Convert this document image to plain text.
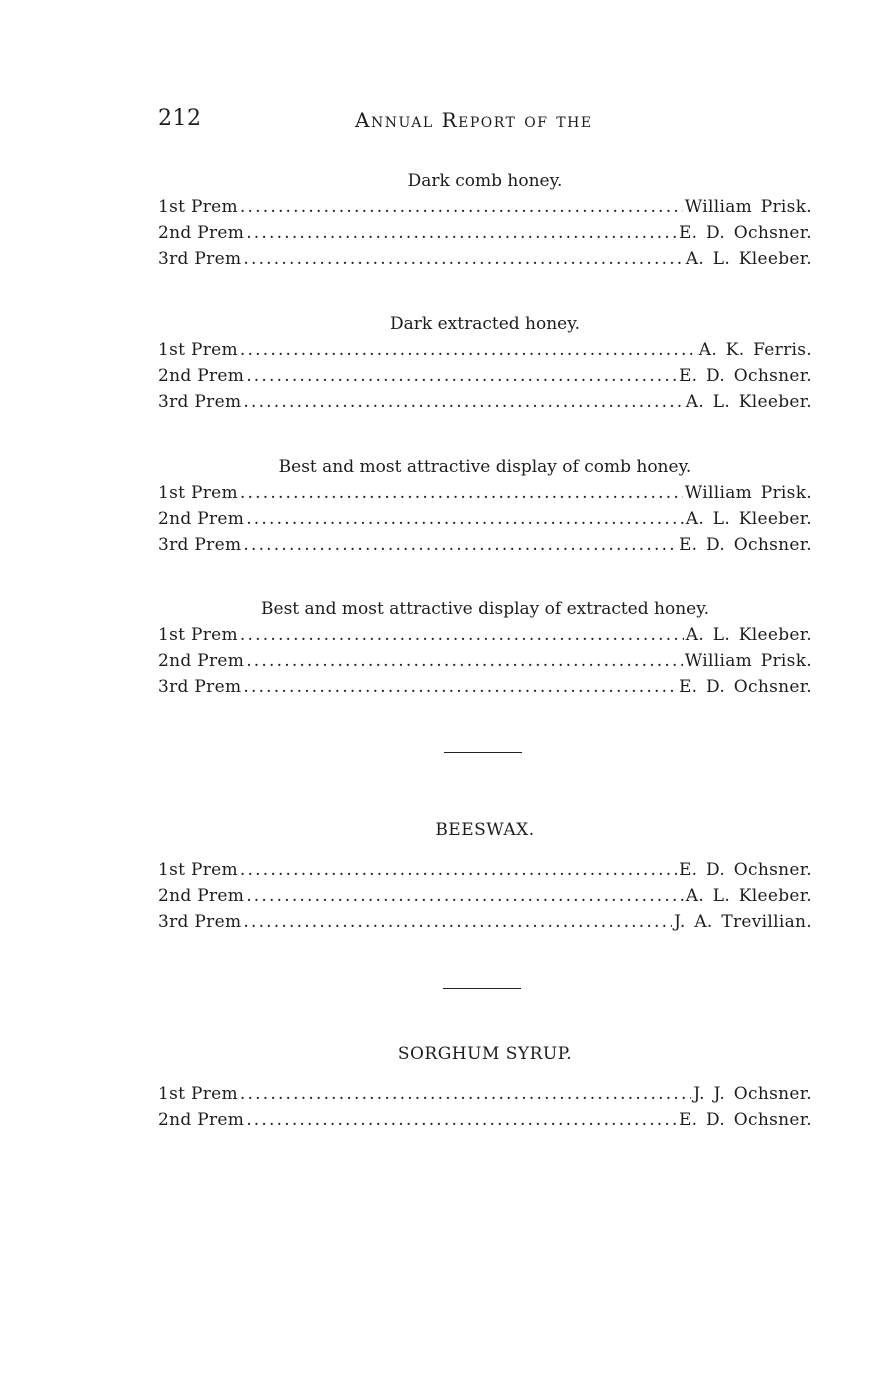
212	Annual Report of the
Dark comb honey.
1st Prem .....	William Prisk.
2nd Prem .....	E. D. Ochsner.
3rd Prem .....	A. L. Kleeber.
Dark extracted honey.
1st Prem .....	A. K. Ferris.
2nd Prem .....	E. D. Ochsner.
3rd Prem .....	A. L. Kleeber.
Best and most attractive display of comb honey.
1st Prem .....	William Prisk.
2nd Prem .....	A. L. Kleeber.
3rd Prem .....	E. D. Ochsner.
Best and most attractive display of extracted honey.
1st Prem .....	A. L. Kleeber.
2nd Prem .....	William Prisk.
3rd Prem .....	E. D. Ochsner.
BEESWAX.
1st Prem .....	E. D. Ochsner.
2nd Prem .....	A. L. Kleeber.
3rd Prem .....	J. A. Trevillian.
SORGHUM SYRUP.
1st Prem .....	J. J. Ochsner.
2nd Prem .....	E. D. Ochsner.
